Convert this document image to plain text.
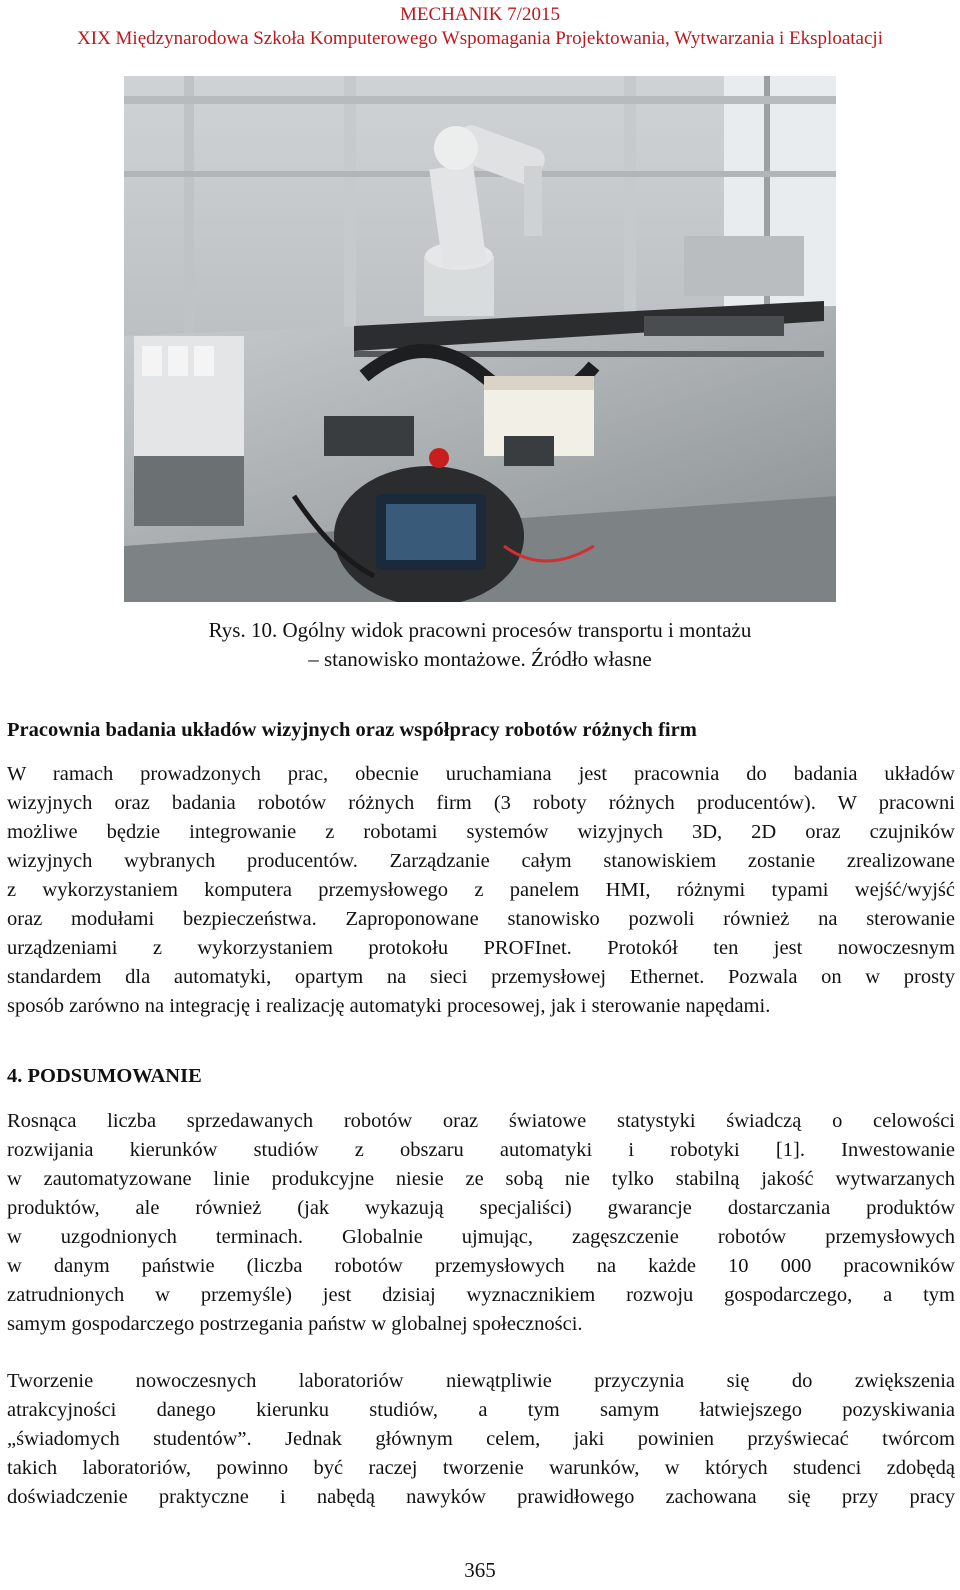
MECHANIK 7/2015
XIX Międzynarodowa Szkoła Komputerowego Wspomagania Projektowania, Wytwarzania i Eksploatacji
Rys. 10. Ogólny widok pracowni procesów transportu i montażu
– stanowisko montażowe. Źródło własne
Pracownia badania układów wizyjnych oraz współpracy robotów różnych firm
W ramach prowadzonych prac, obecnie uruchamiana jest pracownia do badania układów
wizyjnych oraz badania robotów różnych firm (3 roboty różnych producentów). W pracowni
możliwe będzie integrowanie z robotami systemów wizyjnych 3D, 2D oraz czujników
wizyjnych wybranych producentów. Zarządzanie całym stanowiskiem zostanie zrealizowane
z wykorzystaniem komputera przemysłowego z panelem HMI, różnymi typami wejść/wyjść
oraz modułami bezpieczeństwa. Zaproponowane stanowisko pozwoli również na sterowanie
urządzeniami z wykorzystaniem protokołu PROFInet. Protokół ten jest nowoczesnym
standardem dla automatyki, opartym na sieci przemysłowej Ethernet. Pozwala on w prosty
sposób zarówno na integrację i realizację automatyki procesowej, jak i sterowanie napędami.
4. PODSUMOWANIE
Rosnąca liczba sprzedawanych robotów oraz światowe statystyki świadczą o celowości
rozwijania kierunków studiów z obszaru automatyki i robotyki [1]. Inwestowanie
w zautomatyzowane linie produkcyjne niesie ze sobą nie tylko stabilną jakość wytwarzanych
produktów, ale również (jak wykazują specjaliści) gwarancje dostarczania produktów
w uzgodnionych terminach. Globalnie ujmując, zagęszczenie robotów przemysłowych
w danym państwie (liczba robotów przemysłowych na każde 10 000 pracowników
zatrudnionych w przemyśle) jest dzisiaj wyznacznikiem rozwoju gospodarczego, a tym
samym gospodarczego postrzegania państw w globalnej społeczności.
Tworzenie nowoczesnych laboratoriów niewątpliwie przyczynia się do zwiększenia
atrakcyjności danego kierunku studiów, a tym samym łatwiejszego pozyskiwania
„świadomych studentów”. Jednak głównym celem, jaki powinien przyświecać twórcom
takich laboratoriów, powinno być raczej tworzenie warunków, w których studenci zdobędą
doświadczenie praktyczne i nabędą nawyków prawidłowego zachowana się przy pracy
365
